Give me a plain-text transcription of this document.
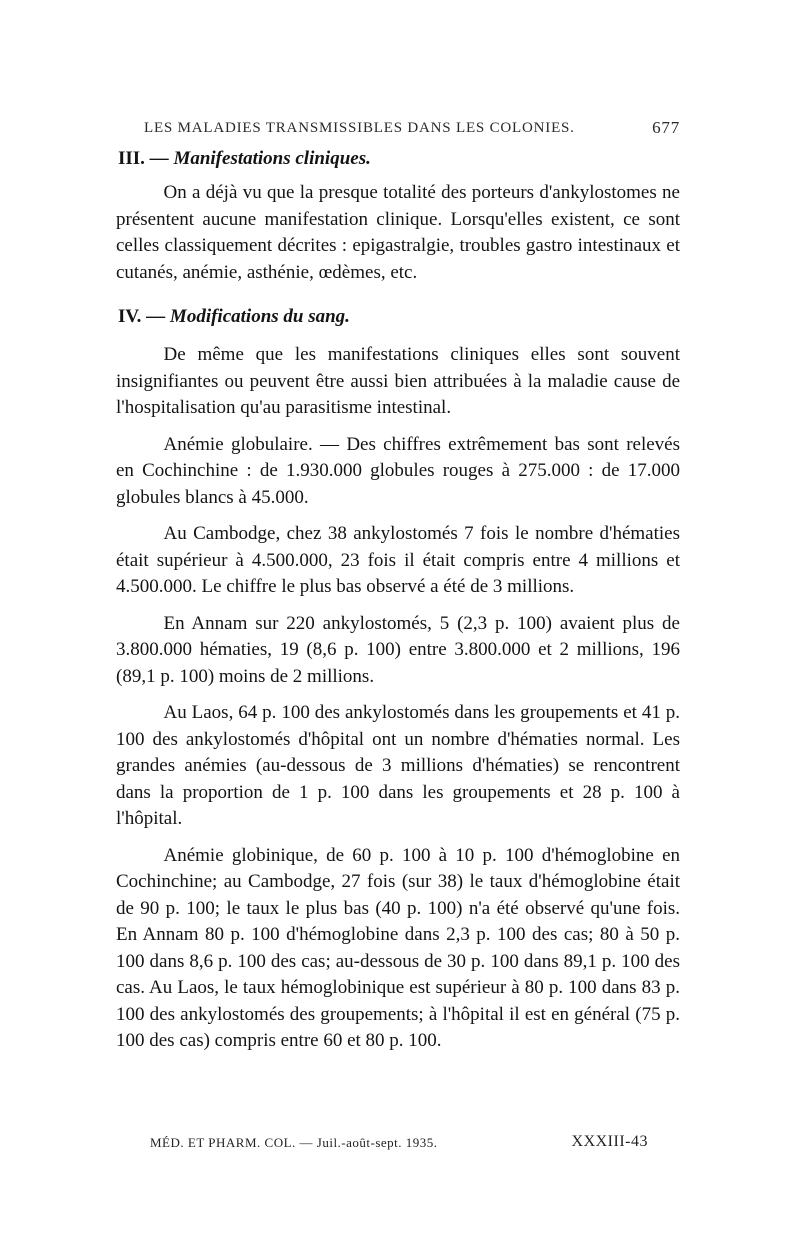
LES MALADIES TRANSMISSIBLES DANS LES COLONIES.	677
III. — Manifestations cliniques.

On a déjà vu que la presque totalité des porteurs d'ankylostomes ne présentent aucune manifestation clinique. Lorsqu'elles existent, ce sont celles classiquement décrites : epigastralgie, troubles gastro intestinaux et cutanés, anémie, asthénie, œdèmes, etc.

IV. — Modifications du sang.

De même que les manifestations cliniques elles sont souvent insignifiantes ou peuvent être aussi bien attribuées à la maladie cause de l'hospitalisation qu'au parasitisme intestinal.

Anémie globulaire. — Des chiffres extrêmement bas sont relevés en Cochinchine : de 1.930.000 globules rouges à 275.000 : de 17.000 globules blancs à 45.000.

Au Cambodge, chez 38 ankylostomés 7 fois le nombre d'hématies était supérieur à 4.500.000, 23 fois il était compris entre 4 millions et 4.500.000. Le chiffre le plus bas observé a été de 3 millions.

En Annam sur 220 ankylostomés, 5 (2,3 p. 100) avaient plus de 3.800.000 hématies, 19 (8,6 p. 100) entre 3.800.000 et 2 millions, 196 (89,1 p. 100) moins de 2 millions.

Au Laos, 64 p. 100 des ankylostomés dans les groupements et 41 p. 100 des ankylostomés d'hôpital ont un nombre d'hématies normal. Les grandes anémies (au-dessous de 3 millions d'hématies) se rencontrent dans la proportion de 1 p. 100 dans les groupements et 28 p. 100 à l'hôpital.

Anémie globinique, de 60 p. 100 à 10 p. 100 d'hémoglobine en Cochinchine; au Cambodge, 27 fois (sur 38) le taux d'hémoglobine était de 90 p. 100; le taux le plus bas (40 p. 100) n'a été observé qu'une fois. En Annam 80 p. 100 d'hémoglobine dans 2,3 p. 100 des cas; 80 à 50 p. 100 dans 8,6 p. 100 des cas; au-dessous de 30 p. 100 dans 89,1 p. 100 des cas. Au Laos, le taux hémoglobinique est supérieur à 80 p. 100 dans 83 p. 100 des ankylostomés des groupements; à l'hôpital il est en général (75 p. 100 des cas) compris entre 60 et 80 p. 100.

MÉD. ET PHARM. COL. — Juil.-août-sept. 1935.	XXXIII-43
